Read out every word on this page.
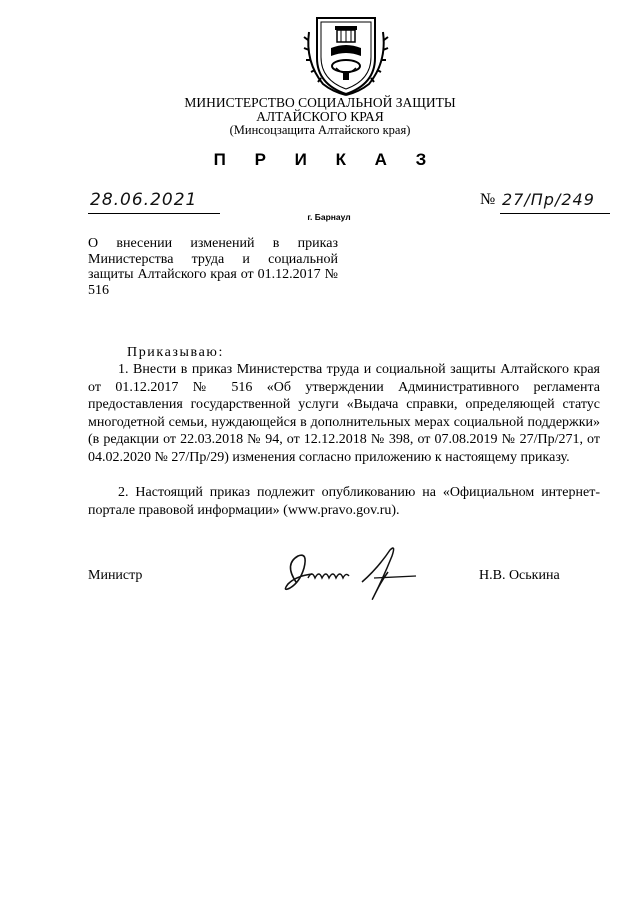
МИНИСТЕРСТВО СОЦИАЛЬНОЙ ЗАЩИТЫ
АЛТАЙСКОГО КРАЯ
(Минсоцзащита Алтайского края)
П Р И К А З
28.06.2021
г. Барнаул
№ 27/Пр/249
О внесении изменений в приказ Министерства труда и социальной защиты Алтайского края от 01.12.2017 № 516
Приказываю:
1. Внести в приказ Министерства труда и социальной защиты Алтайского края от 01.12.2017 № 516 «Об утверждении Административного регламента предоставления государственной услуги «Выдача справки, определяющей статус многодетной семьи, нуждающейся в дополнительных мерах социальной поддержки» (в редакции от 22.03.2018 № 94, от 12.12.2018 № 398, от 07.08.2019 № 27/Пр/271, от 04.02.2020 № 27/Пр/29) изменения согласно приложению к настоящему приказу.
2. Настоящий приказ подлежит опубликованию на «Официальном интернет-портале правовой информации» (www.pravo.gov.ru).
Министр	Н.В. Оськина
